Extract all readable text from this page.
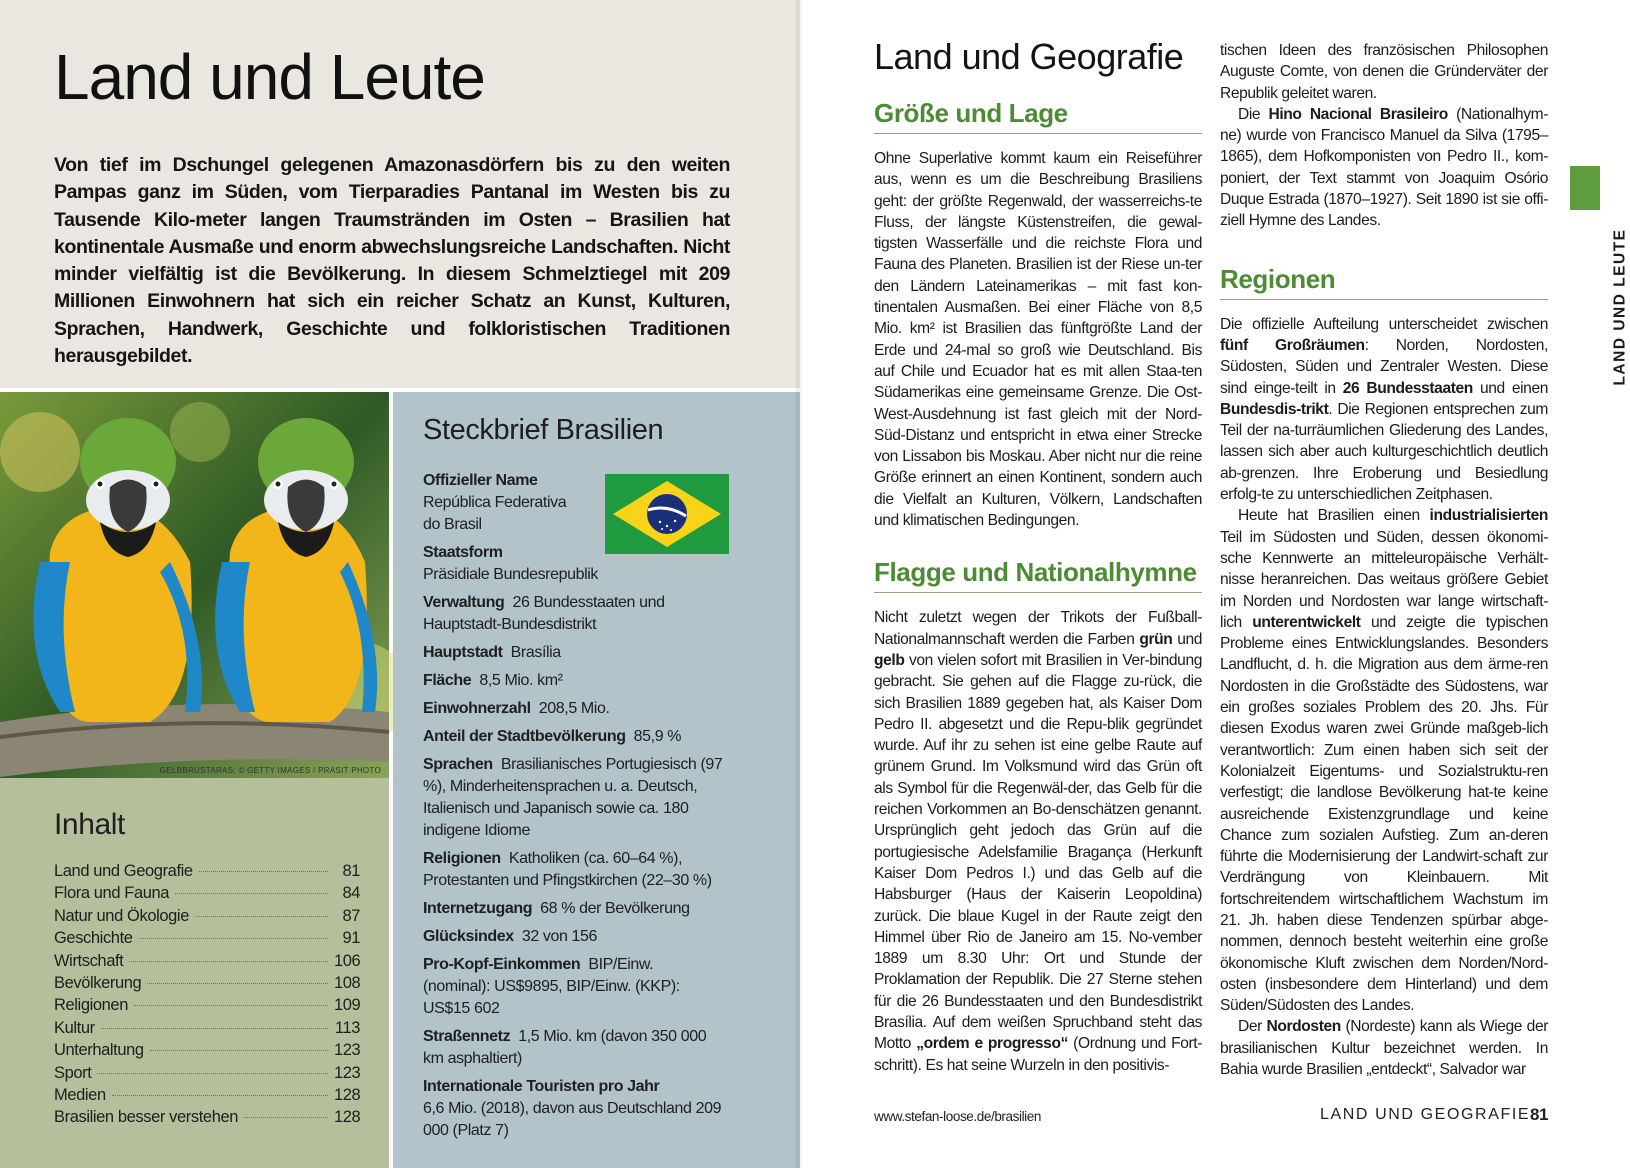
Land und Leute

Von tief im Dschungel gelegenen Amazonasdörfern bis zu den weiten Pampas ganz im Süden, vom Tierparadies Pantanal im Westen bis zu Tausende Kilo-meter langen Traumstränden im Osten – Brasilien hat kontinentale Ausmaße und enorm abwechslungsreiche Landschaften. Nicht minder vielfältig ist die Bevölkerung. In diesem Schmelztiegel mit 209 Millionen Einwohnern hat sich ein reicher Schatz an Kunst, Kulturen, Sprachen, Handwerk, Geschichte und folkloristischen Traditionen herausgebildet.

GELBBRUSTARAS; © GETTY IMAGES / PRASIT PHOTO
Inhalt
Land und Geografie	81
Flora und Fauna	84
Natur und Ökologie	87
Geschichte	91
Wirtschaft	106
Bevölkerung	108
Religionen	109
Kultur	113
Unterhaltung	123
Sport	123
Medien	128
Brasilien besser verstehen	128
Steckbrief Brasilien
Offizieller Name
República Federativa
do Brasil
Staatsform
Präsidiale Bundesrepublik
Verwaltung 26 Bundesstaaten und Hauptstadt-Bundesdistrikt
Hauptstadt Brasília
Fläche 8,5 Mio. km²
Einwohnerzahl 208,5 Mio.
Anteil der Stadtbevölkerung 85,9 %
Sprachen Brasilianisches Portugiesisch (97 %), Minderheitensprachen u. a. Deutsch, Italienisch und Japanisch sowie ca. 180 indigene Idiome
Religionen Katholiken (ca. 60–64 %), Protestanten und Pfingstkirchen (22–30 %)
Internetzugang 68 % der Bevölkerung
Glücksindex 32 von 156
Pro-Kopf-Einkommen BIP/Einw. (nominal): US$9895, BIP/Einw. (KKP): US$15 602
Straßennetz 1,5 Mio. km (davon 350 000 km asphaltiert)
Internationale Touristen pro Jahr
6,6 Mio. (2018), davon aus Deutschland 209 000 (Platz 7)
Land und Geografie
Größe und Lage

Ohne Superlative kommt kaum ein Reiseführer aus, wenn es um die Beschreibung Brasiliens geht: der größte Regenwald, der wasserreichs-te Fluss, der längste Küstenstreifen, die gewal-tigsten Wasserfälle und die reichste Flora und Fauna des Planeten. Brasilien ist der Riese un-ter den Ländern Lateinamerikas – mit fast kon-tinentalen Ausmaßen. Bei einer Fläche von 8,5 Mio. km² ist Brasilien das fünftgrößte Land der Erde und 24-mal so groß wie Deutschland. Bis auf Chile und Ecuador hat es mit allen Staa-ten Südamerikas eine gemeinsame Grenze. Die Ost-West-Ausdehnung ist fast gleich mit der Nord-Süd-Distanz und entspricht in etwa einer Strecke von Lissabon bis Moskau. Aber nicht nur die reine Größe erinnert an einen Kontinent, sondern auch die Vielfalt an Kulturen, Völkern, Landschaften und klimatischen Bedingungen.

Flagge und Nationalhymne

Nicht zuletzt wegen der Trikots der Fußball-Nationalmannschaft werden die Farben grün und gelb von vielen sofort mit Brasilien in Ver-bindung gebracht. Sie gehen auf die Flagge zu-rück, die sich Brasilien 1889 gegeben hat, als Kaiser Dom Pedro II. abgesetzt und die Repu-blik gegründet wurde. Auf ihr zu sehen ist eine gelbe Raute auf grünem Grund. Im Volksmund wird das Grün oft als Symbol für die Regenwäl-der, das Gelb für die reichen Vorkommen an Bo-denschätzen genannt. Ursprünglich geht jedoch das Grün auf die portugiesische Adelsfamilie Bragança (Herkunft Kaiser Dom Pedros I.) und das Gelb auf die Habsburger (Haus der Kaiserin Leopoldina) zurück. Die blaue Kugel in der Raute zeigt den Himmel über Rio de Janeiro am 15. No-vember 1889 um 8.30 Uhr: Ort und Stunde der Proklamation der Republik. Die 27 Sterne stehen für die 26 Bundesstaaten und den Bundesdistrikt Brasília. Auf dem weißen Spruchband steht das Motto „ordem e progresso“ (Ordnung und Fort-schritt). Es hat seine Wurzeln in den positivis-

tischen Ideen des französischen Philosophen Auguste Comte, von denen die Gründerväter der Republik geleitet waren.

Die Hino Nacional Brasileiro (Nationalhym-ne) wurde von Francisco Manuel da Silva (1795–1865), dem Hofkomponisten von Pedro II., kom-poniert, der Text stammt von Joaquim Osório Duque Estrada (1870–1927). Seit 1890 ist sie offi-ziell Hymne des Landes.

Regionen

Die offizielle Aufteilung unterscheidet zwischen fünf Großräumen: Norden, Nordosten, Südosten, Süden und Zentraler Westen. Diese sind einge-teilt in 26 Bundesstaaten und einen Bundesdis-trikt. Die Regionen entsprechen zum Teil der na-turräumlichen Gliederung des Landes, lassen sich aber auch kulturgeschichtlich deutlich ab-grenzen. Ihre Eroberung und Besiedlung erfolg-te zu unterschiedlichen Zeitphasen.

Heute hat Brasilien einen industrialisierten Teil im Südosten und Süden, dessen ökonomi-sche Kennwerte an mitteleuropäische Verhält-nisse heranreichen. Das weitaus größere Gebiet im Norden und Nordosten war lange wirtschaft-lich unterentwickelt und zeigte die typischen Probleme eines Entwicklungslandes. Besonders Landflucht, d. h. die Migration aus dem ärme-ren Nordosten in die Großstädte des Südostens, war ein großes soziales Problem des 20. Jhs. Für diesen Exodus waren zwei Gründe maßgeb-lich verantwortlich: Zum einen haben sich seit der Kolonialzeit Eigentums- und Sozialstruktu-ren verfestigt; die landlose Bevölkerung hat-te keine ausreichende Existenzgrundlage und keine Chance zum sozialen Aufstieg. Zum an-deren führte die Modernisierung der Landwirt-schaft zur Verdrängung von Kleinbauern. Mit fortschreitendem wirtschaftlichem Wachstum im 21. Jh. haben diese Tendenzen spürbar abge-nommen, dennoch besteht weiterhin eine große ökonomische Kluft zwischen dem Norden/Nord-osten (insbesondere dem Hinterland) und dem Süden/Südosten des Landes.

Der Nordosten (Nordeste) kann als Wiege der brasilianischen Kultur bezeichnet werden. In Bahia wurde Brasilien „entdeckt“, Salvador war

LAND UND LEUTE
www.stefan-loose.de/brasilien	LAND UND GEOGRAFIE 81
